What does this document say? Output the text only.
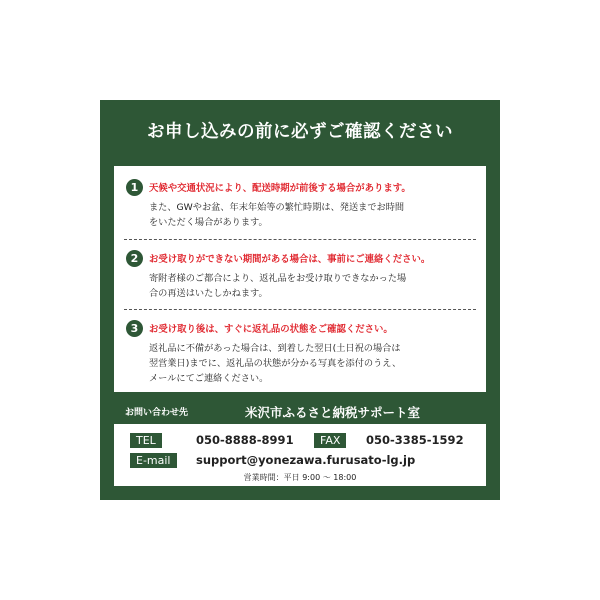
お申し込みの前に必ずご確認ください
1	天候や交通状況により、配送時期が前後する場合があります。
また、GWやお盆、年末年始等の繁忙時期は、発送までお時間
をいただく場合があります。
2	お受け取りができない期間がある場合は、事前にご連絡ください。
寄附者様のご都合により、返礼品をお受け取りできなかった場
合の再送はいたしかねます。
3	お受け取り後は、すぐに返礼品の状態をご確認ください。
返礼品に不備があった場合は、到着した翌日(土日祝の場合は
翌営業日)までに、返礼品の状態が分かる写真を添付のうえ、
メールにてご連絡ください。
お問い合わせ先	米沢市ふるさと納税サポート室
TEL	050-8888-8991	FAX	050-3385-1592
E-mail	support@yonezawa.furusato-lg.jp
営業時間：平日 9:00 ～ 18:00
